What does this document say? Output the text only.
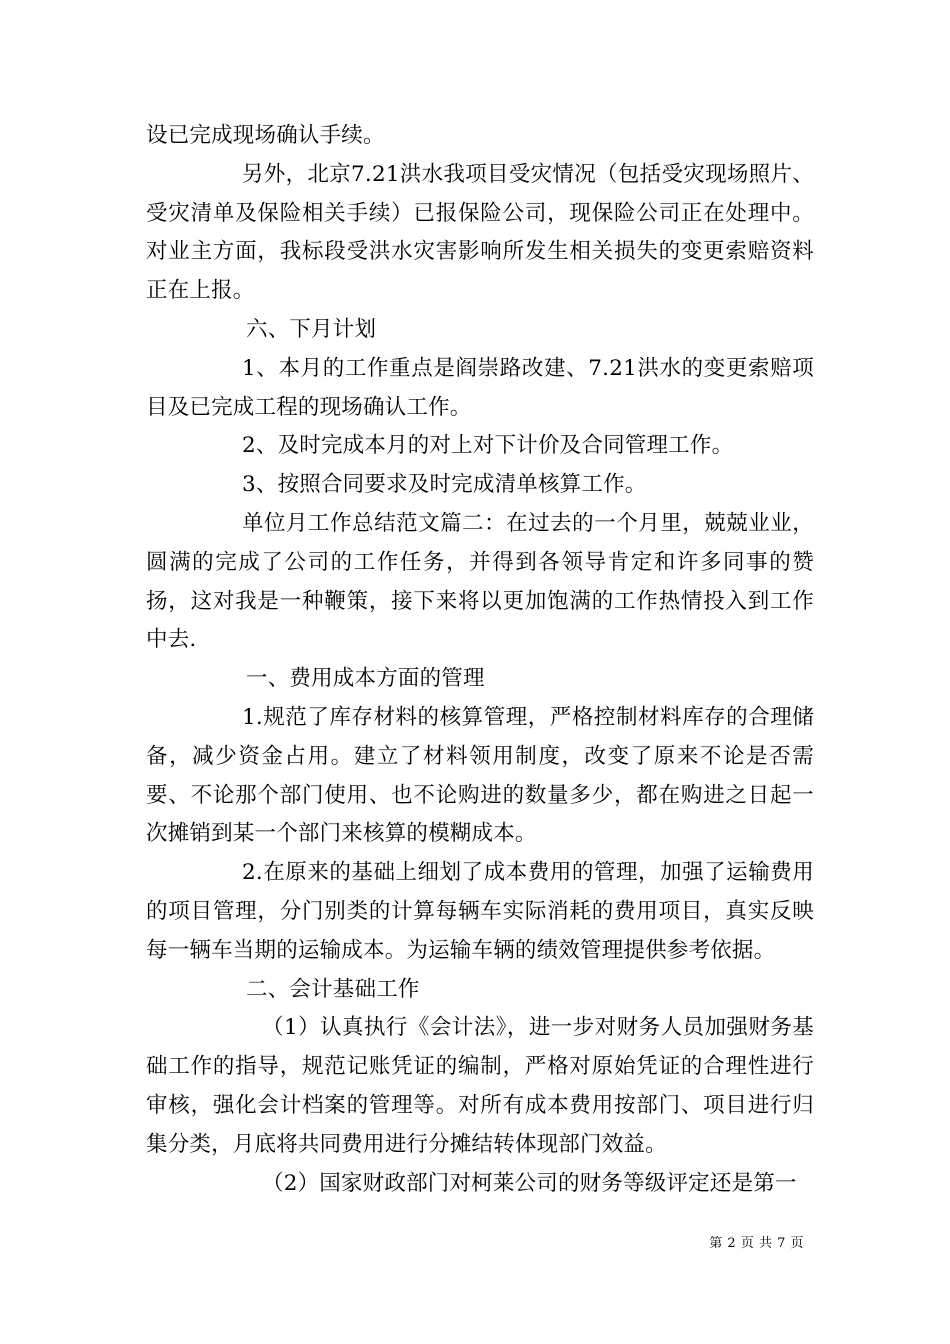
设已完成现场确认手续。

另外，北京7.21洪水我项目受灾情况（包括受灾现场照片、受灾清单及保险相关手续）已报保险公司，现保险公司正在处理中。对业主方面，我标段受洪水灾害影响所发生相关损失的变更索赔资料正在上报。

六、下月计划

1、本月的工作重点是阎崇路改建、7.21洪水的变更索赔项目及已完成工程的现场确认工作。

2、及时完成本月的对上对下计价及合同管理工作。

3、按照合同要求及时完成清单核算工作。

单位月工作总结范文篇二：在过去的一个月里，兢兢业业，圆满的完成了公司的工作任务，并得到各领导肯定和许多同事的赞扬，这对我是一种鞭策，接下来将以更加饱满的工作热情投入到工作中去.

一、费用成本方面的管理

1.规范了库存材料的核算管理，严格控制材料库存的合理储备，减少资金占用。建立了材料领用制度，改变了原来不论是否需要、不论那个部门使用、也不论购进的数量多少，都在购进之日起一次摊销到某一个部门来核算的模糊成本。

2.在原来的基础上细划了成本费用的管理，加强了运输费用的项目管理，分门别类的计算每辆车实际消耗的费用项目，真实反映每一辆车当期的运输成本。为运输车辆的绩效管理提供参考依据。

二、会计基础工作

（1）认真执行《会计法》，进一步对财务人员加强财务基础工作的指导，规范记账凭证的编制，严格对原始凭证的合理性进行审核，强化会计档案的管理等。对所有成本费用按部门、项目进行归集分类，月底将共同费用进行分摊结转体现部门效益。

（2）国家财政部门对柯莱公司的财务等级评定还是第一

第 2 页 共 7 页
